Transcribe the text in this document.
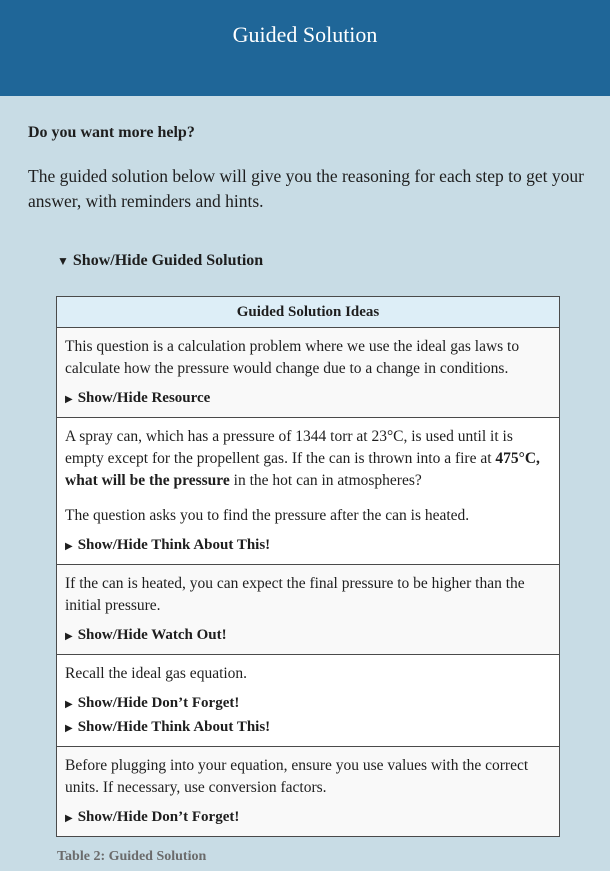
Guided Solution
Do you want more help?

The guided solution below will give you the reasoning for each step to get your answer, with reminders and hints.

▼ Show/Hide Guided Solution
Guided Solution Ideas

This question is a calculation problem where we use the ideal gas laws to calculate how the pressure would change due to a change in conditions.
▶ Show/Hide Resource

A spray can, which has a pressure of 1344 torr at 23°C, is used until it is empty except for the propellent gas. If the can is thrown into a fire at 475°C, what will be the pressure in the hot can in atmospheres?
The question asks you to find the pressure after the can is heated.
▶ Show/Hide Think About This!

If the can is heated, you can expect the final pressure to be higher than the initial pressure.
▶ Show/Hide Watch Out!

Recall the ideal gas equation.
▶ Show/Hide Don’t Forget!
▶ Show/Hide Think About This!

Before plugging into your equation, ensure you use values with the correct units. If necessary, use conversion factors.
▶ Show/Hide Don’t Forget!
Table 2: Guided Solution
